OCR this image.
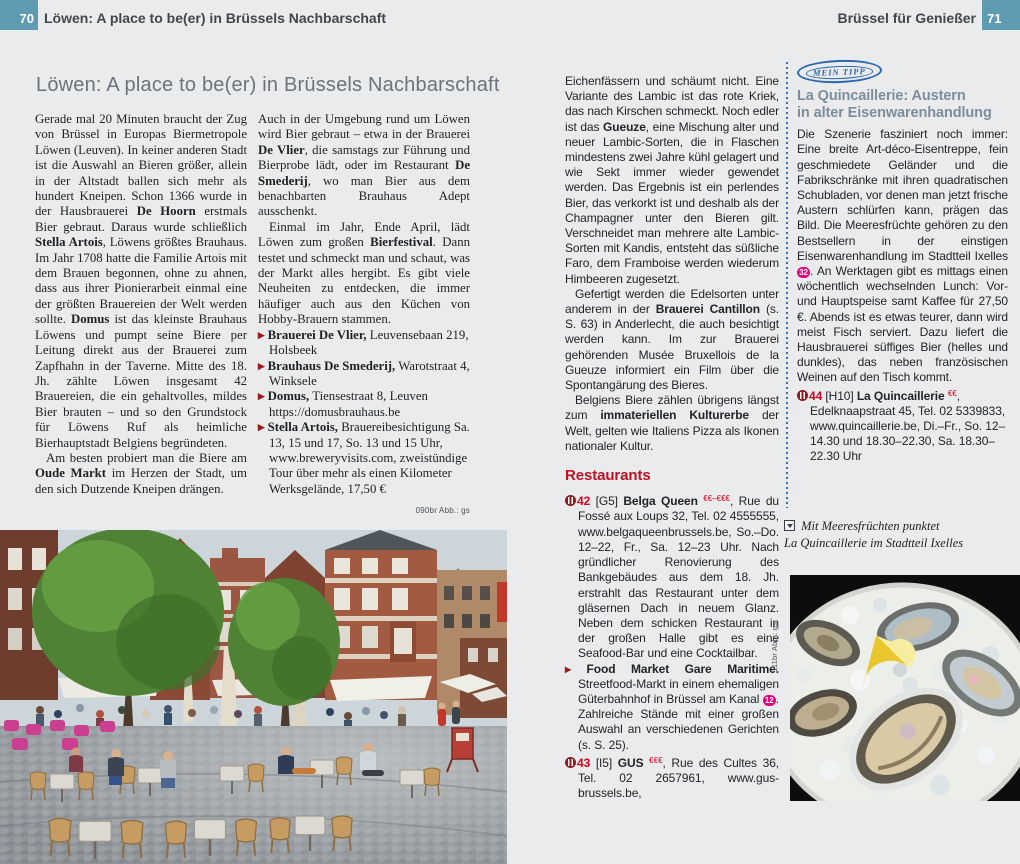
70 Löwen: A place to be(er) in Brüssels Nachbarschaft	Brüssel für Genießer 71
Löwen: A place to be(er) in Brüssels Nachbarschaft

Gerade mal 20 Minuten braucht der Zug von Brüssel in Europas Biermetropole Löwen (Leuven). In keiner anderen Stadt ist die Auswahl an Bieren größer, allein in der Altstadt ballen sich mehr als hundert Kneipen. Schon 1366 wurde in der Hausbrauerei De Hoorn erstmals Bier gebraut. Daraus wurde schließlich Stella Artois, Löwens größtes Brauhaus. Im Jahr 1708 hatte die Familie Artois mit dem Brauen begonnen, ohne zu ahnen, dass aus ihrer Pionierarbeit einmal eine der größten Brauereien der Welt werden sollte. Domus ist das kleinste Brauhaus Löwens und pumpt seine Biere per Leitung direkt aus der Brauerei zum Zapfhahn in der Taverne. Mitte des 18. Jh. zählte Löwen insgesamt 42 Brauereien, die ein gehaltvolles, mildes Bier brauten – und so den Grundstock für Löwens Ruf als heimliche Bierhauptstadt Belgiens begründeten.

Am besten probiert man die Biere am Oude Markt im Herzen der Stadt, um den sich Dutzende Kneipen drängen.

Auch in der Umgebung rund um Löwen wird Bier gebraut – etwa in der Brauerei De Vlier, die samstags zur Führung und Bierprobe lädt, oder im Restaurant De Smederij, wo man Bier aus dem benachbarten Brauhaus Adept ausschenkt.

Einmal im Jahr, Ende April, lädt Löwen zum großen Bierfestival. Dann testet und schmeckt man und schaut, was der Markt alles hergibt. Es gibt viele Neuheiten zu entdecken, die immer häufiger auch aus den Küchen von Hobby-Brauern stammen.

▸ Brauerei De Vlier, Leuvensebaan 219, Holsbeek
▸ Brauhaus De Smederij, Warotstraat 4, Winksele
▸ Domus, Tiensestraat 8, Leuven https://domusbrauhaus.be
▸ Stella Artois, Brauereibesichtigung Sa. 13, 15 und 17, So. 13 und 15 Uhr, www.breweryvisits.com, zweistündige Tour über mehr als einen Kilometer Werksgelände, 17,50 €
090br Abb.: gs

Eichenfässern und schäumt nicht. Eine Variante des Lambic ist das rote Kriek, das nach Kirschen schmeckt. Noch edler ist das Gueuze, eine Mischung alter und neuer Lambic-Sorten, die in Flaschen mindestens zwei Jahre kühl gelagert und wie Sekt immer wieder gewendet werden. Das Ergebnis ist ein perlendes Bier, das verkorkt ist und deshalb als der Champagner unter den Bieren gilt. Verschneidet man mehrere alte Lambic-Sorten mit Kandis, entsteht das süßliche Faro, dem Framboise werden wiederum Himbeeren zugesetzt.

Gefertigt werden die Edelsorten unter anderem in der Brauerei Cantillon (s. S. 63) in Anderlecht, die auch besichtigt werden kann. Im zur Brauerei gehörenden Musée Bruxellois de la Gueuze informiert ein Film über die Spontangärung des Bieres.

Belgiens Biere zählen übrigens längst zum immateriellen Kulturerbe der Welt, gelten wie Italiens Pizza als Ikonen nationaler Kultur.

Restaurants

42 [G5] Belga Queen €€–€€€, Rue du Fossé aux Loups 32, Tel. 02 4555555, www.belgaqueenbrussels.be, So.–Do. 12–22, Fr., Sa. 12–23 Uhr. Nach gründlicher Renovierung des Bankgebäudes aus dem 18. Jh. erstrahlt das Restaurant unter dem gläsernen Dach in neuem Glanz. Neben dem schicken Restaurant in der großen Halle gibt es eine Seafood-Bar und eine Cocktailbar.

▸ Food Market Gare Maritime. Streetfood-Markt in einem ehemaligen Güterbahnhof in Brüssel am Kanal 12 . Zahlreiche Stände mit einer großen Auswahl an verschiedenen Gerichten (s. S. 25).

43 [I5] GUS €€€, Rue des Cultes 36, Tel. 02 2657961, www.gus-brussels.be,

MEIN TIPP
La Quincaillerie: Austern
in alter Eisenwarenhandlung

Die Szenerie fasziniert noch immer: Eine breite Art-déco-Eisentreppe, fein geschmiedete Geländer und die Fabrikschränke mit ihren quadratischen Schubladen, vor denen man jetzt frische Austern schlürfen kann, prägen das Bild. Die Meeresfrüchte gehören zu den Bestsellern in der einstigen Eisenwarenhandlung im Stadtteil Ixelles 32 . An Werktagen gibt es mittags einen wöchentlich wechselnden Lunch: Vor- und Hauptspeise samt Kaffee für 27,50 €. Abends ist es etwas teurer, dann wird meist Fisch serviert. Dazu liefert die Hausbrauerei süffiges Bier (helles und dunkles), das neben französischen Weinen auf den Tisch kommt.

44 [H10] La Quincaillerie €€, Edelknaapstraat 45, Tel. 02 5339833, www.quincaillerie.be, Di.–Fr., So. 12–14.30 und 18.30–22.30, Sa. 18.30–22.30 Uhr

Mit Meeresfrüchten punktet
La Quincaillerie im Stadtteil Ixelles
111br Abb.: gs
